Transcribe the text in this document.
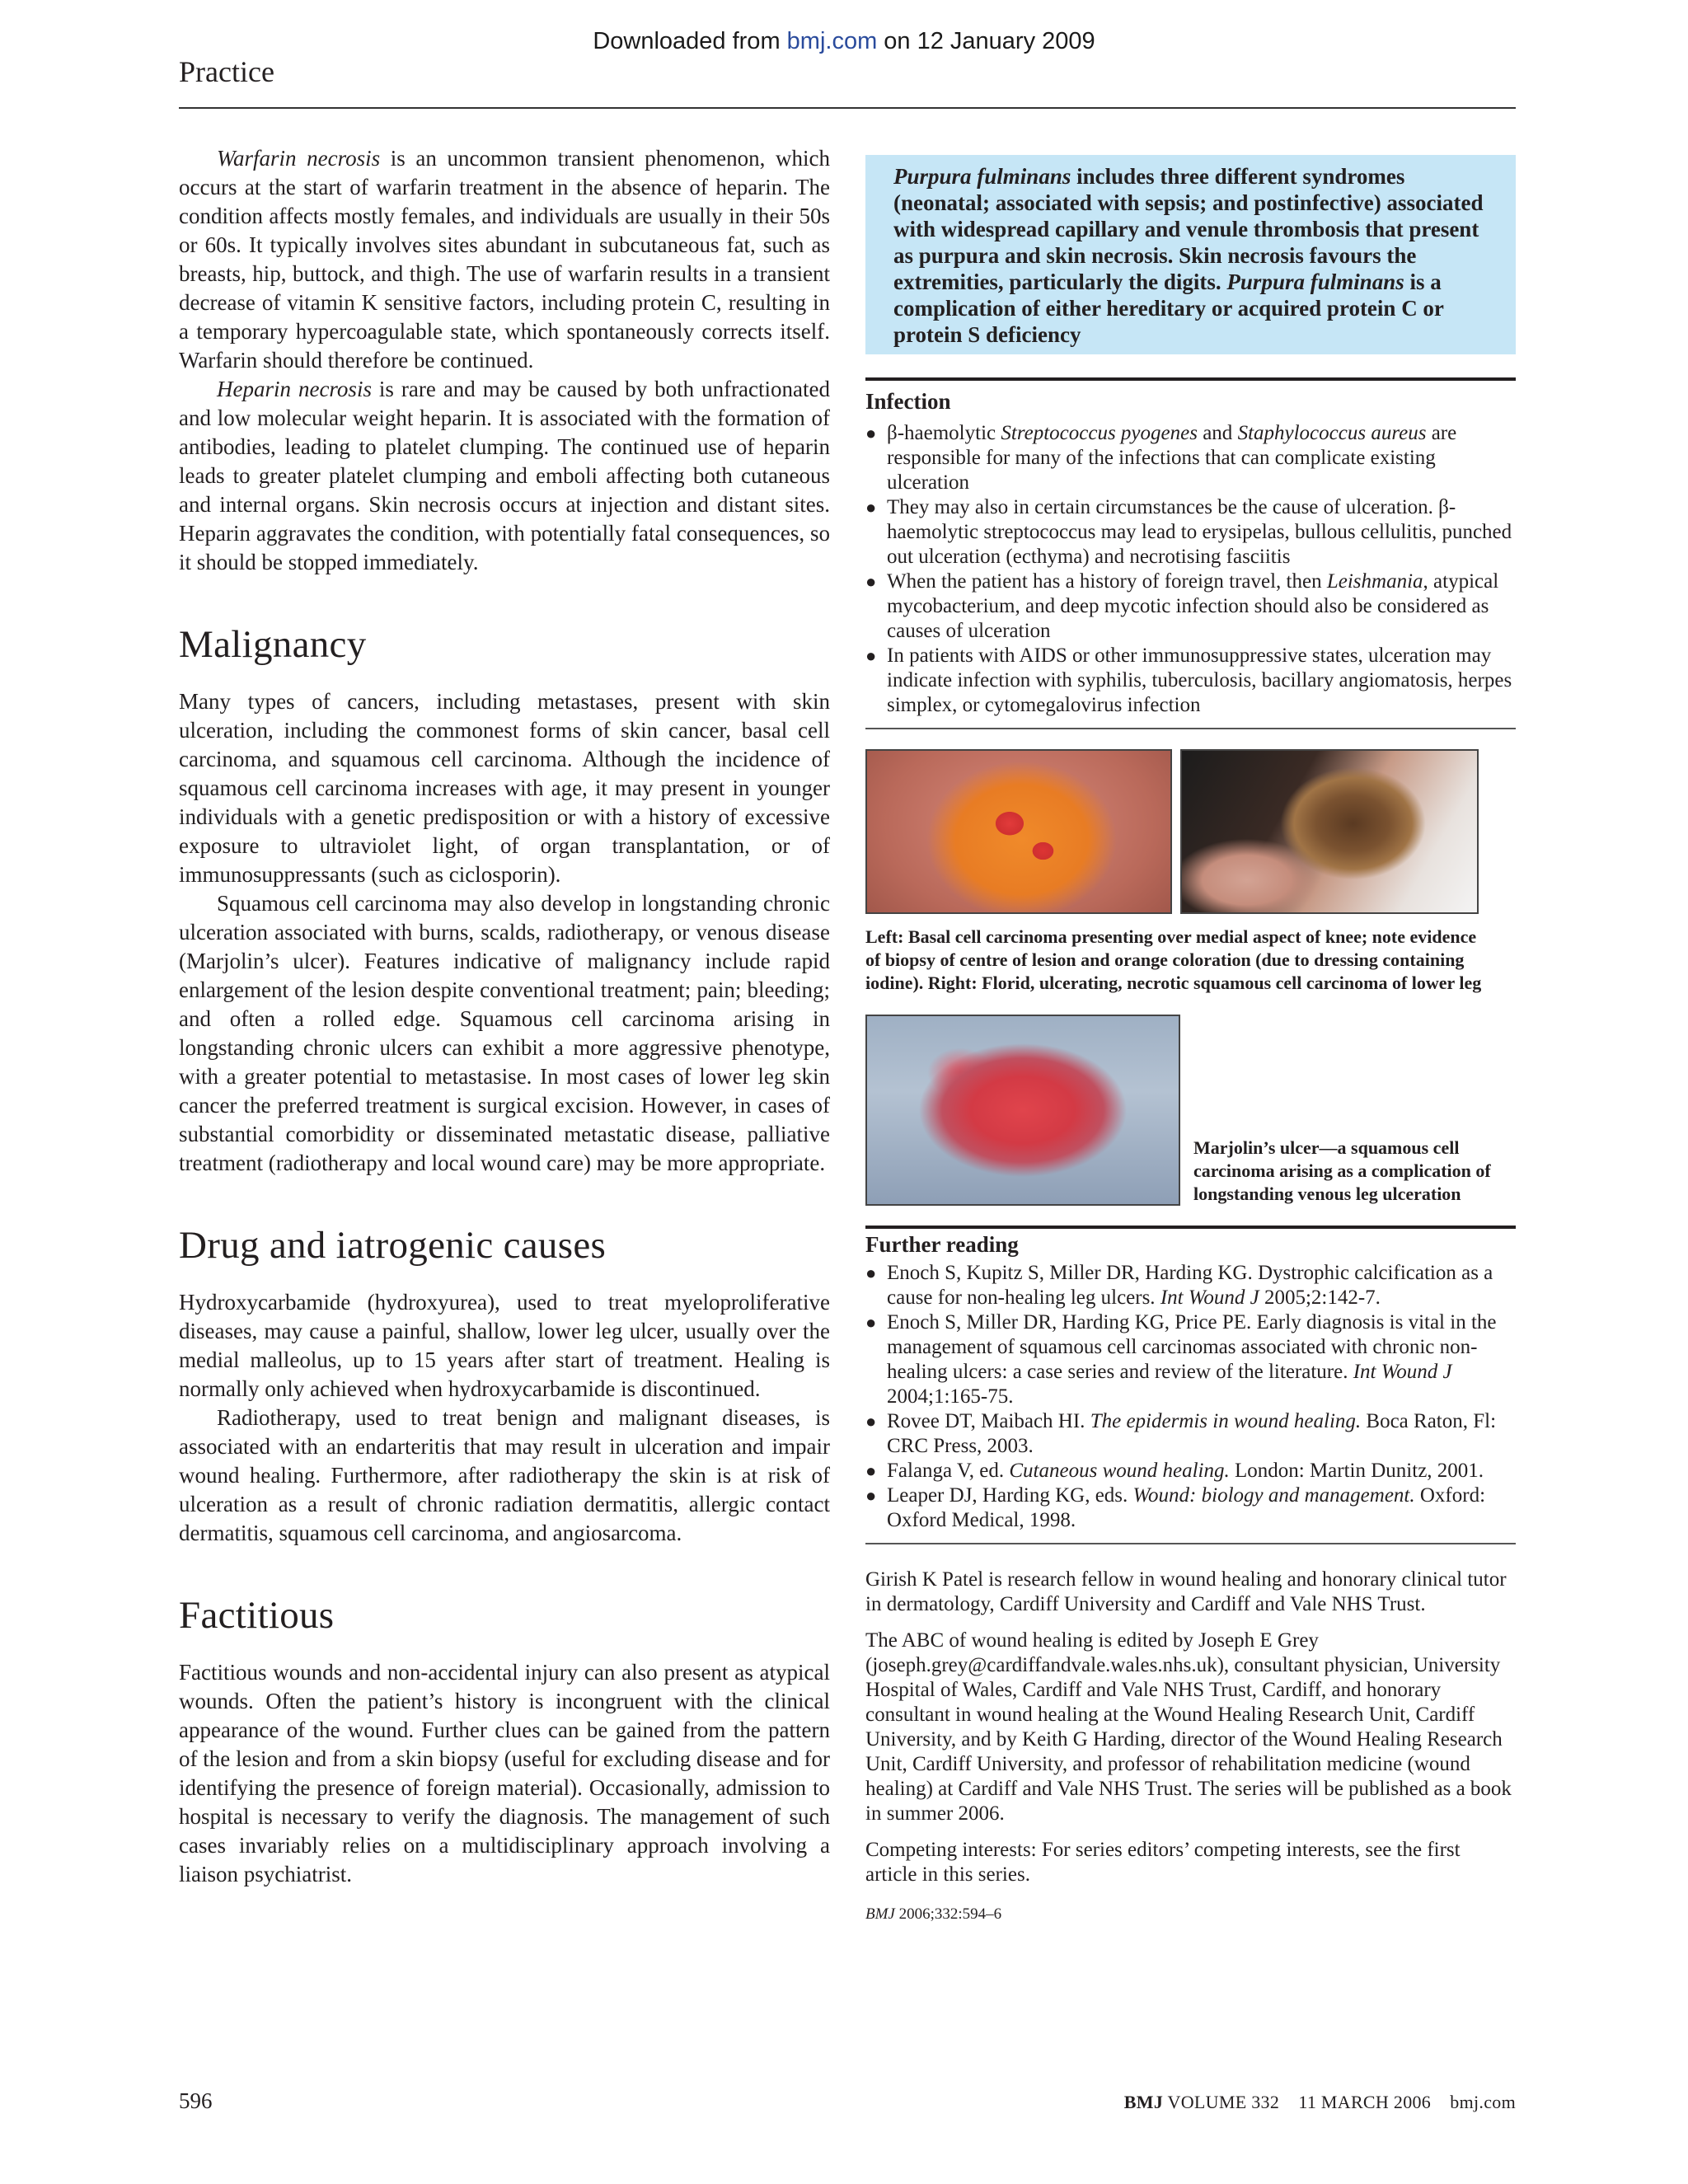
Downloaded from bmj.com on 12 January 2009
Practice

Warfarin necrosis is an uncommon transient phenomenon, which occurs at the start of warfarin treatment in the absence of heparin. The condition affects mostly females, and individuals are usually in their 50s or 60s. It typically involves sites abundant in subcutaneous fat, such as breasts, hip, buttock, and thigh. The use of warfarin results in a transient decrease of vitamin K sensitive factors, including protein C, resulting in a temporary hypercoagulable state, which spontaneously corrects itself. Warfarin should therefore be continued.

Heparin necrosis is rare and may be caused by both unfractionated and low molecular weight heparin. It is associated with the formation of antibodies, leading to platelet clumping. The continued use of heparin leads to greater platelet clumping and emboli affecting both cutaneous and internal organs. Skin necrosis occurs at injection and distant sites. Heparin aggravates the condition, with potentially fatal consequences, so it should be stopped immediately.

Malignancy

Many types of cancers, including metastases, present with skin ulceration, including the commonest forms of skin cancer, basal cell carcinoma, and squamous cell carcinoma. Although the incidence of squamous cell carcinoma increases with age, it may present in younger individuals with a genetic predisposition or with a history of excessive exposure to ultraviolet light, of organ transplantation, or of immunosuppressants (such as ciclosporin).

Squamous cell carcinoma may also develop in longstanding chronic ulceration associated with burns, scalds, radiotherapy, or venous disease (Marjolin’s ulcer). Features indicative of malignancy include rapid enlargement of the lesion despite conventional treatment; pain; bleeding; and often a rolled edge. Squamous cell carcinoma arising in longstanding chronic ulcers can exhibit a more aggressive phenotype, with a greater potential to metastasise. In most cases of lower leg skin cancer the preferred treatment is surgical excision. However, in cases of substantial comorbidity or disseminated metastatic disease, palliative treatment (radiotherapy and local wound care) may be more appropriate.

Drug and iatrogenic causes

Hydroxycarbamide (hydroxyurea), used to treat myeloproliferative diseases, may cause a painful, shallow, lower leg ulcer, usually over the medial malleolus, up to 15 years after start of treatment. Healing is normally only achieved when hydroxycarbamide is discontinued.

Radiotherapy, used to treat benign and malignant diseases, is associated with an endarteritis that may result in ulceration and impair wound healing. Furthermore, after radiotherapy the skin is at risk of ulceration as a result of chronic radiation dermatitis, allergic contact dermatitis, squamous cell carcinoma, and angiosarcoma.

Factitious

Factitious wounds and non-accidental injury can also present as atypical wounds. Often the patient’s history is incongruent with the clinical appearance of the wound. Further clues can be gained from the pattern of the lesion and from a skin biopsy (useful for excluding disease and for identifying the presence of foreign material). Occasionally, admission to hospital is necessary to verify the diagnosis. The management of such cases invariably relies on a multidisciplinary approach involving a liaison psychiatrist.

Purpura fulminans includes three different syndromes (neonatal; associated with sepsis; and postinfective) associated with widespread capillary and venule thrombosis that present as purpura and skin necrosis. Skin necrosis favours the extremities, particularly the digits. Purpura fulminans is a complication of either hereditary or acquired protein C or protein S deficiency
Infection
● β-haemolytic Streptococcus pyogenes and Staphylococcus aureus are responsible for many of the infections that can complicate existing ulceration
● They may also in certain circumstances be the cause of ulceration. β-haemolytic streptococcus may lead to erysipelas, bullous cellulitis, punched out ulceration (ecthyma) and necrotising fasciitis
● When the patient has a history of foreign travel, then Leishmania, atypical mycobacterium, and deep mycotic infection should also be considered as causes of ulceration
● In patients with AIDS or other immunosuppressive states, ulceration may indicate infection with syphilis, tuberculosis, bacillary angiomatosis, herpes simplex, or cytomegalovirus infection
Left: Basal cell carcinoma presenting over medial aspect of knee; note evidence of biopsy of centre of lesion and orange coloration (due to dressing containing iodine). Right: Florid, ulcerating, necrotic squamous cell carcinoma of lower leg
Marjolin’s ulcer—a squamous cell carcinoma arising as a complication of longstanding venous leg ulceration
Further reading
● Enoch S, Kupitz S, Miller DR, Harding KG. Dystrophic calcification as a cause for non-healing leg ulcers. Int Wound J 2005;2:142-7.
● Enoch S, Miller DR, Harding KG, Price PE. Early diagnosis is vital in the management of squamous cell carcinomas associated with chronic non-healing ulcers: a case series and review of the literature. Int Wound J 2004;1:165-75.
● Rovee DT, Maibach HI. The epidermis in wound healing. Boca Raton, Fl: CRC Press, 2003.
● Falanga V, ed. Cutaneous wound healing. London: Martin Dunitz, 2001.
● Leaper DJ, Harding KG, eds. Wound: biology and management. Oxford: Oxford Medical, 1998.

Girish K Patel is research fellow in wound healing and honorary clinical tutor in dermatology, Cardiff University and Cardiff and Vale NHS Trust.

The ABC of wound healing is edited by Joseph E Grey (joseph.grey@cardiffandvale.wales.nhs.uk), consultant physician, University Hospital of Wales, Cardiff and Vale NHS Trust, Cardiff, and honorary consultant in wound healing at the Wound Healing Research Unit, Cardiff University, and by Keith G Harding, director of the Wound Healing Research Unit, Cardiff University, and professor of rehabilitation medicine (wound healing) at Cardiff and Vale NHS Trust. The series will be published as a book in summer 2006.

Competing interests: For series editors’ competing interests, see the first article in this series.

BMJ 2006;332:594–6
596	BMJ VOLUME 332    11 MARCH 2006    bmj.com
